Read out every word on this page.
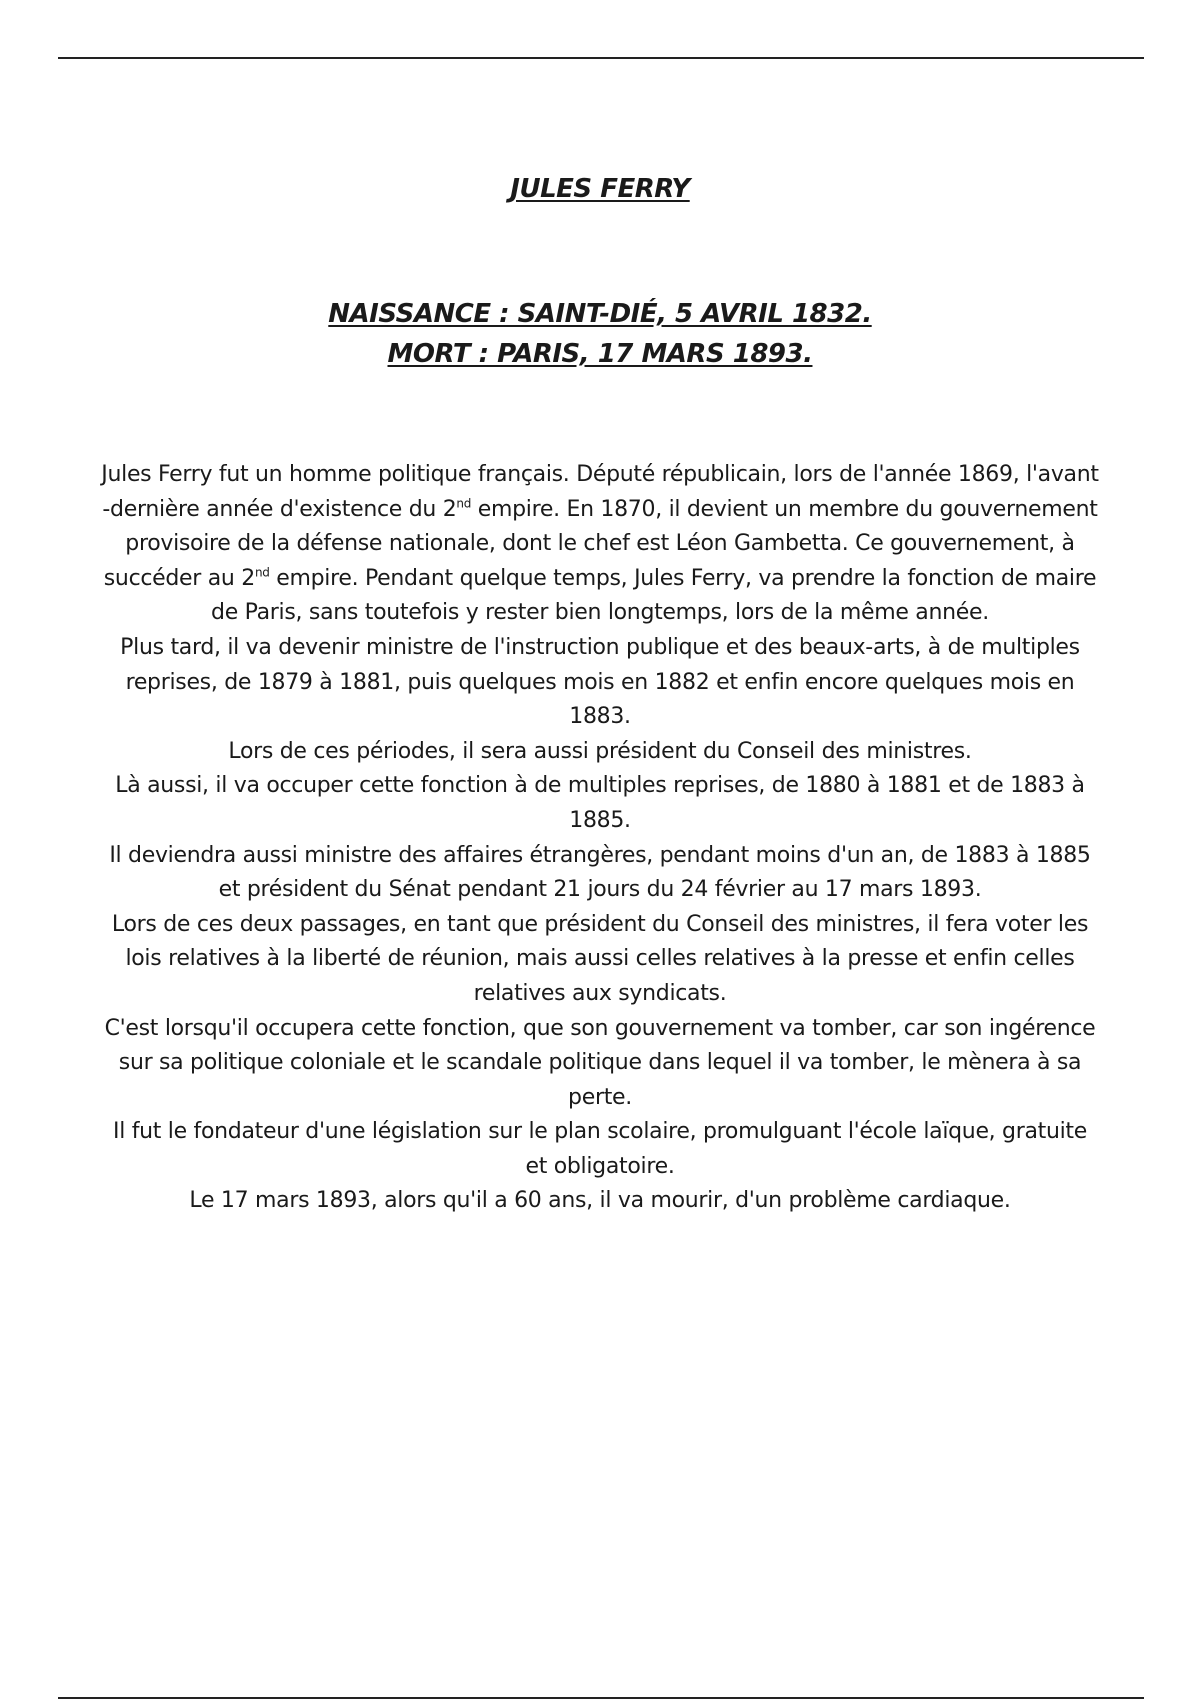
JULES FERRY
NAISSANCE : SAINT-DIÉ, 5 AVRIL 1832.
MORT : PARIS, 17 MARS 1893.

Jules Ferry fut un homme politique français. Député républicain, lors de l'année 1869, l'avant -dernière année d'existence du 2nd empire. En 1870, il devient un membre du gouvernement provisoire de la défense nationale, dont le chef est Léon Gambetta. Ce gouvernement, à succéder au 2nd empire. Pendant quelque temps, Jules Ferry, va prendre la fonction de maire de Paris, sans toutefois y rester bien longtemps, lors de la même année.

Plus tard, il va devenir ministre de l'instruction publique et des beaux-arts, à de multiples reprises, de 1879 à 1881, puis quelques mois en 1882 et enfin encore quelques mois en 1883.

Lors de ces périodes, il sera aussi président du Conseil des ministres.

Là aussi, il va occuper cette fonction à de multiples reprises, de 1880 à 1881 et de 1883 à 1885.

Il deviendra aussi ministre des affaires étrangères, pendant moins d'un an, de 1883 à 1885 et président du Sénat pendant 21 jours du 24 février au 17 mars 1893.

Lors de ces deux passages, en tant que président du Conseil des ministres, il fera voter les lois relatives à la liberté de réunion, mais aussi celles relatives à la presse et enfin celles relatives aux syndicats.

C'est lorsqu'il occupera cette fonction, que son gouvernement va tomber, car son ingérence sur sa politique coloniale et le scandale politique dans lequel il va tomber, le mènera à sa perte.

Il fut le fondateur d'une législation sur le plan scolaire, promulguant l'école laïque, gratuite et obligatoire.

Le 17 mars 1893, alors qu'il a 60 ans, il va mourir, d'un problème cardiaque.
